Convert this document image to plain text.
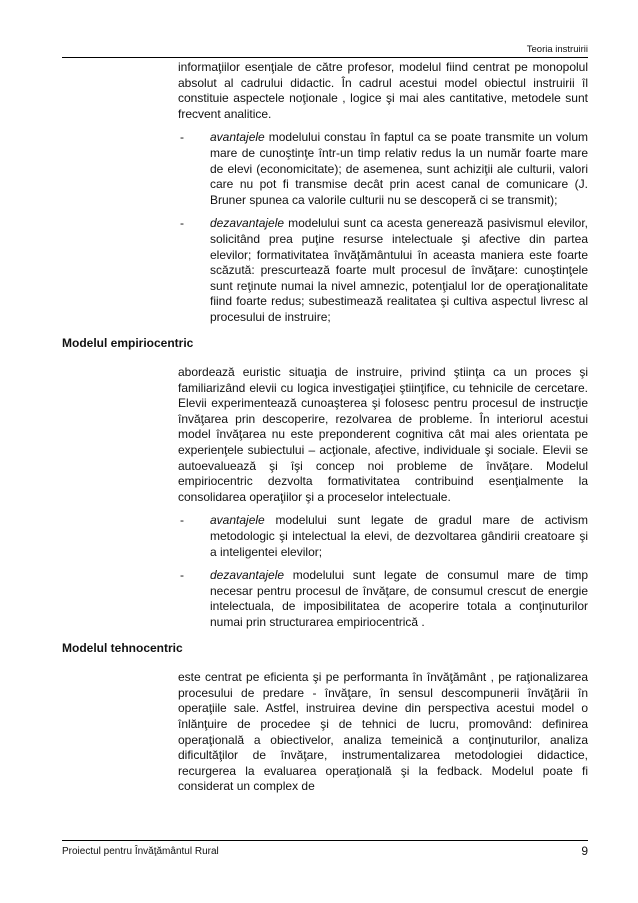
Teoria instruirii

informaţiilor esenţiale de către profesor, modelul fiind centrat pe monopolul absolut al cadrului didactic. În cadrul acestui model obiectul instruirii îl constituie aspectele noţionale , logice şi mai ales cantitative, metodele sunt frecvent analitice.

- avantajele modelului constau în faptul ca se poate transmite un volum mare de cunoştinţe într-un timp relativ redus la un număr foarte mare de elevi (economicitate); de asemenea, sunt achiziţii ale culturii, valori care nu pot fi transmise decât prin acest canal de comunicare (J. Bruner spunea ca valorile culturii nu se descoperă ci se transmit);

- dezavantajele modelului sunt ca acesta generează pasivismul elevilor, solicitând prea puţine resurse intelectuale şi afective din partea elevilor; formativitatea învăţământului în aceasta maniera este foarte scăzută: prescurtează foarte mult procesul de învăţare: cunoştinţele sunt reţinute numai la nivel amnezic, potenţialul lor de operaţionalitate fiind foarte redus; subestimează realitatea şi cultiva aspectul livresc al procesului de instruire;

Modelul empiriocentric

abordează euristic situaţia de instruire, privind ştiinţa ca un proces şi familiarizând elevii cu logica investigaţiei ştiinţifice, cu tehnicile de cercetare. Elevii experimentează cunoaşterea şi folosesc pentru procesul de instrucţie învăţarea prin descoperire, rezolvarea de probleme. În interiorul acestui model învăţarea nu este preponderent cognitiva cât mai ales orientata pe experienţele subiectului – acţionale, afective, individuale şi sociale. Elevii se autoevaluează şi îşi concep noi probleme de învăţare. Modelul empiriocentric dezvolta formativitatea contribuind esenţialmente la consolidarea operaţiilor şi a proceselor intelectuale.

- avantajele modelului sunt legate de gradul mare de activism metodologic şi intelectual la elevi, de dezvoltarea gândirii creatoare şi a inteligentei elevilor;

- dezavantajele modelului sunt legate de consumul mare de timp necesar pentru procesul de învăţare, de consumul crescut de energie intelectuala, de imposibilitatea de acoperire totala a conţinuturilor numai prin structurarea empiriocentrică .

Modelul tehnocentric

este centrat pe eficienta şi pe performanta în învăţământ , pe raţionalizarea procesului de predare - învăţare, în sensul descompunerii învăţării în operaţiile sale. Astfel, instruirea devine din perspectiva acestui model o înlănţuire de procedee şi de tehnici de lucru, promovând: definirea operaţională a obiectivelor, analiza temeinică a conţinuturilor, analiza dificultăţilor de învăţare, instrumentalizarea metodologiei didactice, recurgerea la evaluarea operaţională şi la fedback. Modelul poate fi considerat un complex de

Proiectul pentru Învăţământul Rural	9
